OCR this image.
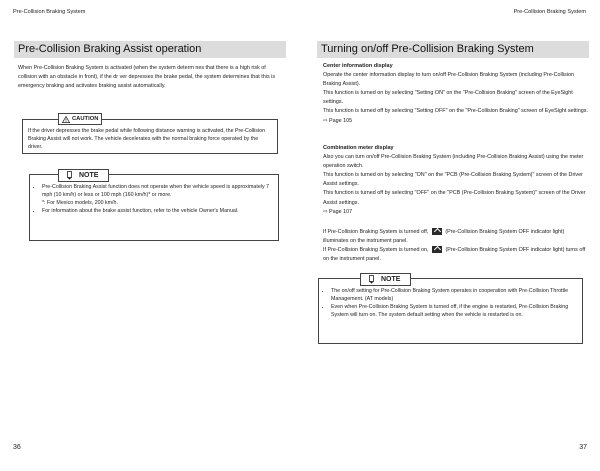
Pre-Collision Braking System
Pre-Collision Braking Assist operation
When Pre-Collision Braking System is activated (when the system determ nes that there is a high risk of collision with an obstacle in front), if the dr ver depresses the brake pedal, the system determines that this is emergency braking and activates braking assist automatically.
CAUTION
If the driver depresses the brake pedal while following distance warning is activated, the Pre-Collision Braking Assist will not work. The vehicle decelerates with the normal braking force operated by the driver.
NOTE
• Pre-Collision Braking Assist function does not operate when the vehicle speed is approximately 7 mph (10 km/h) or less or 100 mph (160 km/h)* or more.
*: For Mexico models, 200 km/h.
• For information about the brake assist function, refer to the vehicle Owner's Manual.
36
Pre-Collision Braking System
Turning on/off Pre-Collision Braking System
Center information display
Operate the center information display to turn on/off Pre-Collision Braking System (including Pre-Collision Braking Assist).
This function is turned on by selecting "Setting ON" on the "Pre-Collision Braking" screen of the EyeSight settings.
This function is turned off by selecting "Setting OFF" on the "Pre-Collision Braking" screen of EyeSight settings.
⇨ Page 105
Combination meter display
Also you can turn on/off Pre-Collision Braking System (including Pre-Collision Braking Assist) using the meter operation switch.
This function is turned on by selecting "ON" on the "PCB (Pre-Collision Braking System)" screen of the Driver Assist settings.
This function is turned off by selecting "OFF" on the "PCB (Pre-Collision Braking System)" screen of the Driver Assist settings.
⇨ Page 107
If Pre-Collision Braking System is turned off,	(Pre-Collision Braking System OFF indicator light) illuminates on the instrument panel.
If Pre-Collision Braking System is turned on,	(Pre-Collision Braking System OFF indicator light) turns off on the instrument panel.
NOTE
• The on/off setting for Pre-Collision Braking System operates in cooperation with Pre-Collision Throttle Management. (AT models)
• Even when Pre-Collision Braking System is turned off, if the engine is restarted, Pre-Collision Braking System will turn on. The system default setting when the vehicle is restarted is on.
37
